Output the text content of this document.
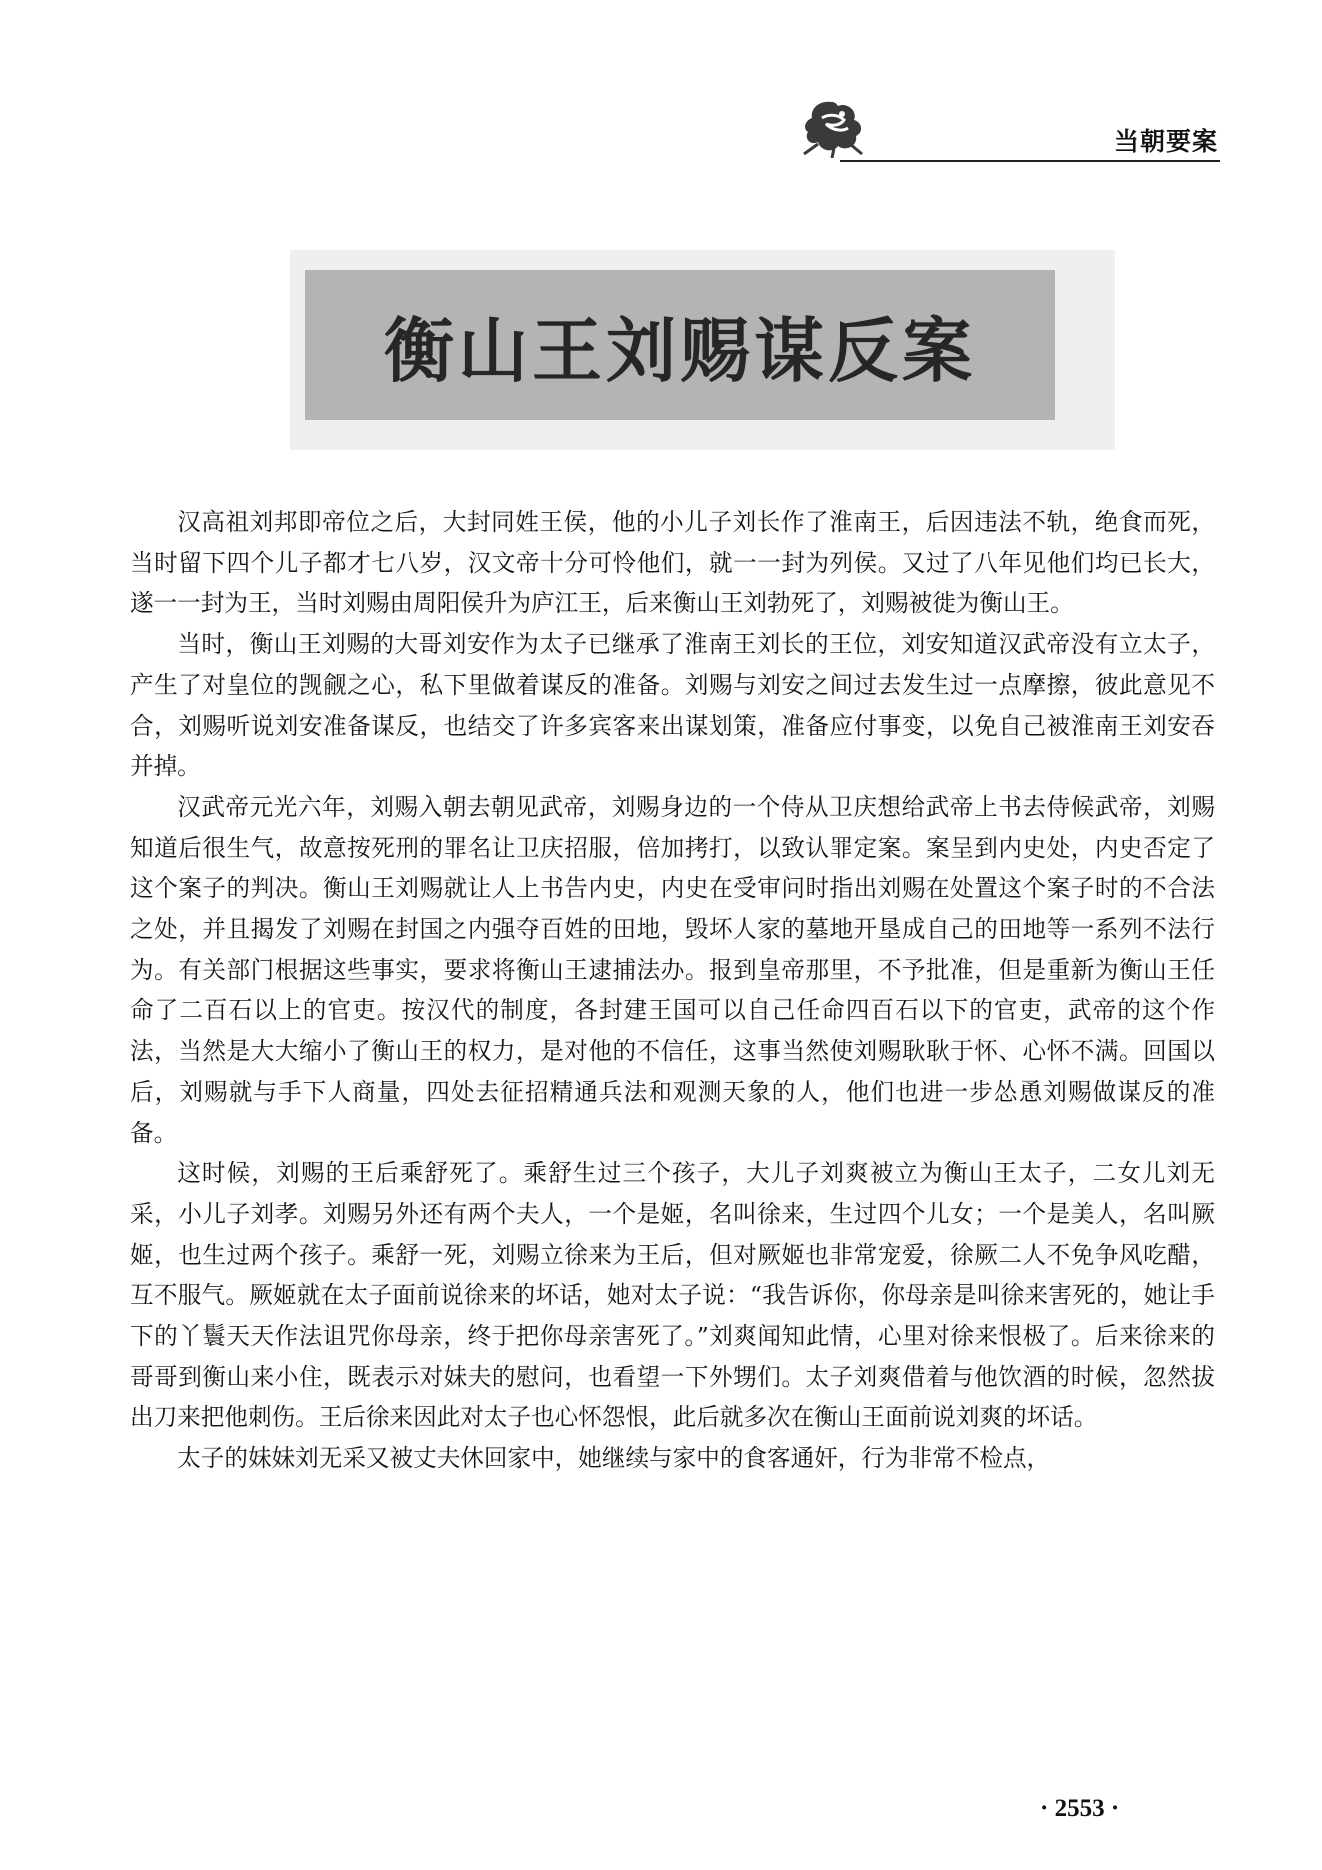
当朝要案
衡山王刘赐谋反案

汉高祖刘邦即帝位之后，大封同姓王侯，他的小儿子刘长作了淮南王，后因违法不轨，绝食而死，当时留下四个儿子都才七八岁，汉文帝十分可怜他们，就一一封为列侯。又过了八年见他们均已长大，遂一一封为王，当时刘赐由周阳侯升为庐江王，后来衡山王刘勃死了，刘赐被徙为衡山王。

当时，衡山王刘赐的大哥刘安作为太子已继承了淮南王刘长的王位，刘安知道汉武帝没有立太子，产生了对皇位的觊觎之心，私下里做着谋反的准备。刘赐与刘安之间过去发生过一点摩擦，彼此意见不合，刘赐听说刘安准备谋反，也结交了许多宾客来出谋划策，准备应付事变，以免自己被淮南王刘安吞并掉。

汉武帝元光六年，刘赐入朝去朝见武帝，刘赐身边的一个侍从卫庆想给武帝上书去侍候武帝，刘赐知道后很生气，故意按死刑的罪名让卫庆招服，倍加拷打，以致认罪定案。案呈到内史处，内史否定了这个案子的判决。衡山王刘赐就让人上书告内史，内史在受审问时指出刘赐在处置这个案子时的不合法之处，并且揭发了刘赐在封国之内强夺百姓的田地，毁坏人家的墓地开垦成自己的田地等一系列不法行为。有关部门根据这些事实，要求将衡山王逮捕法办。报到皇帝那里，不予批准，但是重新为衡山王任命了二百石以上的官吏。按汉代的制度，各封建王国可以自己任命四百石以下的官吏，武帝的这个作法，当然是大大缩小了衡山王的权力，是对他的不信任，这事当然使刘赐耿耿于怀、心怀不满。回国以后，刘赐就与手下人商量，四处去征招精通兵法和观测天象的人，他们也进一步怂恿刘赐做谋反的准备。

这时候，刘赐的王后乘舒死了。乘舒生过三个孩子，大儿子刘爽被立为衡山王太子，二女儿刘无采，小儿子刘孝。刘赐另外还有两个夫人，一个是姬，名叫徐来，生过四个儿女；一个是美人，名叫厥姬，也生过两个孩子。乘舒一死，刘赐立徐来为王后，但对厥姬也非常宠爱，徐厥二人不免争风吃醋，互不服气。厥姬就在太子面前说徐来的坏话，她对太子说：“我告诉你，你母亲是叫徐来害死的，她让手下的丫鬟天天作法诅咒你母亲，终于把你母亲害死了。”刘爽闻知此情，心里对徐来恨极了。后来徐来的哥哥到衡山来小住，既表示对妹夫的慰问，也看望一下外甥们。太子刘爽借着与他饮酒的时候，忽然拔出刀来把他刺伤。王后徐来因此对太子也心怀怨恨，此后就多次在衡山王面前说刘爽的坏话。

太子的妹妹刘无采又被丈夫休回家中，她继续与家中的食客通奸，行为非常不检点，

· 2553 ·
